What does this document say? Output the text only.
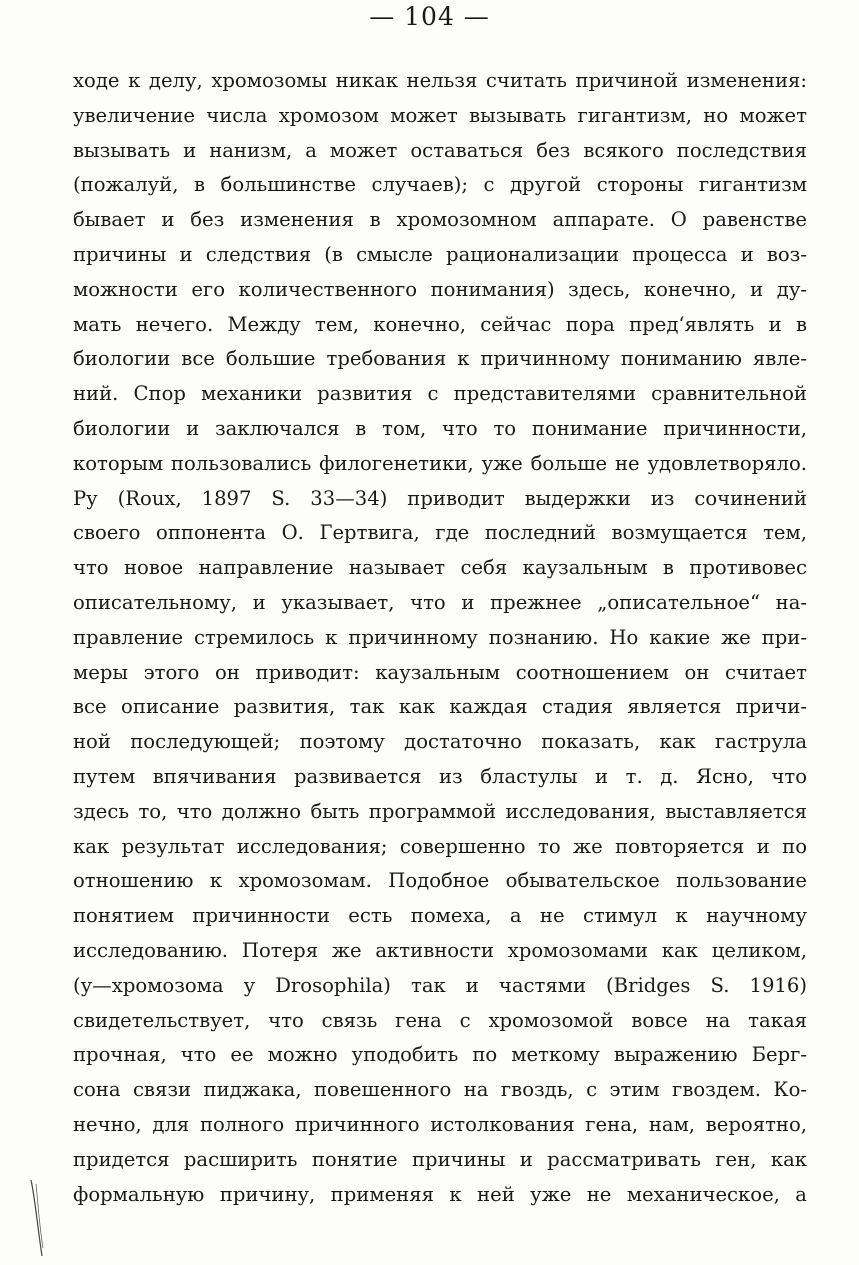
— 104 —
ходе к делу, хромозомы никак нельзя считать причиной изменения:
увеличение числа хромозом может вызывать гигантизм, но может
вызывать и нанизм, а может оставаться без всякого последствия
(пожалуй, в большинстве случаев); с другой стороны гигантизм
бывает и без изменения в хромозомном аппарате. О равенстве
причины и следствия (в смысле рационализации процесса и воз-
можности его количественного понимания) здесь, конечно, и ду-
мать нечего. Между тем, конечно, сейчас пора пред‘являть и в
биологии все большие требования к причинному пониманию явле-
ний. Спор механики развития с представителями сравнительной
биологии и заключался в том, что то понимание причинности,
которым пользовались филогенетики, уже больше не удовлетворяло.
Ру (Roux, 1897 S. 33—34) приводит выдержки из сочинений
своего оппонента О. Гертвига, где последний возмущается тем,
что новое направление называет себя каузальным в противовес
описательному, и указывает, что и прежнее „описательное“ на-
правление стремилось к причинному познанию. Но какие же при-
меры этого он приводит: каузальным соотношением он считает
все описание развития, так как каждая стадия является причи-
ной последующей; поэтому достаточно показать, как гаструла
путем впячивания развивается из бластулы и т. д. Ясно, что
здесь то, что должно быть программой исследования, выставляется
как результат исследования; совершенно то же повторяется и по
отношению к хромозомам. Подобное обывательское пользование
понятием причинности есть помеха, а не стимул к научному
исследованию. Потеря же активности хромозомами как целиком,
(у—хромозома у Drosophila) так и частями (Bridges S. 1916)
свидетельствует, что связь гена с хромозомой вовсе на такая
прочная, что ее можно уподобить по меткому выражению Берг-
сона связи пиджака, повешенного на гвоздь, с этим гвоздем. Ко-
нечно, для полного причинного истолкования гена, нам, вероятно,
придется расширить понятие причины и рассматривать ген, как
формальную причину, применяя к ней уже не механическое, а
